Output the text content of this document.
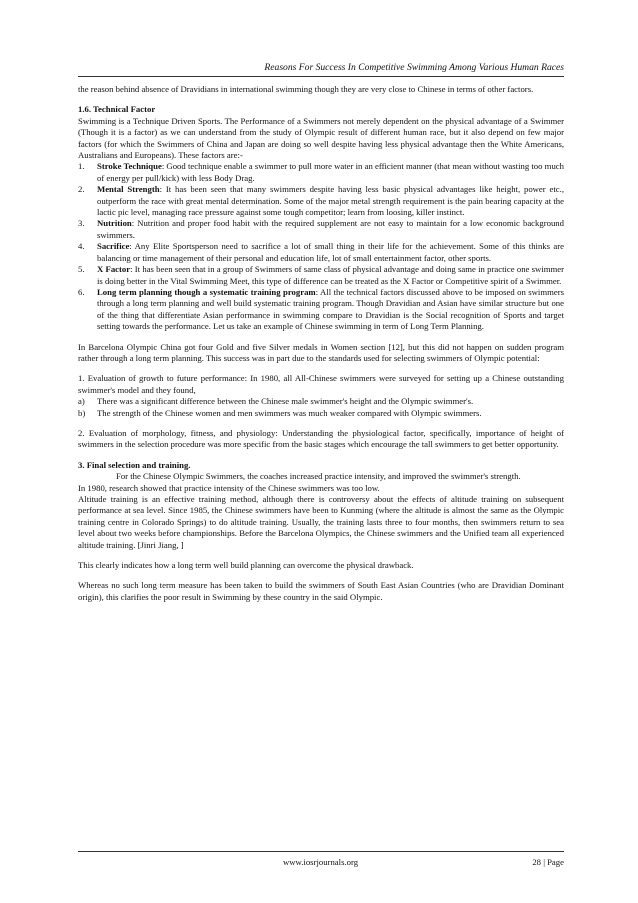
Reasons For Success In Competitive Swimming Among Various Human Races

the reason behind absence of Dravidians in international swimming though they are very close to Chinese in terms of other factors.

1.6. Technical Factor

Swimming is a Technique Driven Sports. The Performance of a Swimmers not merely dependent on the physical advantage of a Swimmer (Though it is a factor) as we can understand from the study of Olympic result of different human race, but it also depend on few major factors (for which the Swimmers of China and Japan are doing so well despite having less physical advantage then the White Americans, Australians and Europeans). These factors are:-

1.	Stroke Technique: Good technique enable a swimmer to pull more water in an efficient manner (that mean without wasting too much of energy per pull/kick) with less Body Drag.
2.	Mental Strength: It has been seen that many swimmers despite having less basic physical advantages like height, power etc., outperform the race with great mental determination. Some of the major metal strength requirement is the pain bearing capacity at the lactic pic level, managing race pressure against some tough competitor; learn from loosing, killer instinct.
3.	Nutrition: Nutrition and proper food habit with the required supplement are not easy to maintain for a low economic background swimmers.
4.	Sacrifice: Any Elite Sportsperson need to sacrifice a lot of small thing in their life for the achievement. Some of this thinks are balancing or time management of their personal and education life, lot of small entertainment factor, other sports.
5.	X Factor: It has been seen that in a group of Swimmers of same class of physical advantage and doing same in practice one swimmer is doing better in the Vital Swimming Meet, this type of difference can be treated as the X Factor or Competitive spirit of a Swimmer.
6.	Long term planning though a systematic training program: All the technical factors discussed above to be imposed on swimmers through a long term planning and well build systematic training program. Though Dravidian and Asian have similar structure but one of the thing that differentiate Asian performance in swimming compare to Dravidian is the Social recognition of Sports and target setting towards the performance. Let us take an example of Chinese swimming in term of Long Term Planning.

In Barcelona Olympic China got four Gold and five Silver medals in Women section [12], but this did not happen on sudden program rather through a long term planning. This success was in part due to the standards used for selecting swimmers of Olympic potential:

1. Evaluation of growth to future performance: In 1980, all All-Chinese swimmers were surveyed for setting up a Chinese outstanding swimmer's model and they found,

a)	There was a significant difference between the Chinese male swimmer's height and the Olympic swimmer's.
b)	The strength of the Chinese women and men swimmers was much weaker compared with Olympic swimmers.

2. Evaluation of morphology, fitness, and physiology: Understanding the physiological factor, specifically, importance of height of swimmers in the selection procedure was more specific from the basic stages which encourage the tall swimmers to get better opportunity.

3. Final selection and training.

For the Chinese Olympic Swimmers, the coaches increased practice intensity, and improved the swimmer's strength.

In 1980, research showed that practice intensity of the Chinese swimmers was too low.

Altitude training is an effective training method, although there is controversy about the effects of altitude training on subsequent performance at sea level. Since 1985, the Chinese swimmers have been to Kunming (where the altitude is almost the same as the Olympic training centre in Colorado Springs) to do altitude training. Usually, the training lasts three to four months, then swimmers return to sea level about two weeks before championships. Before the Barcelona Olympics, the Chinese swimmers and the Unified team all experienced altitude training. [Jinri Jiang, ]

This clearly indicates how a long term well build planning can overcome the physical drawback.

Whereas no such long term measure has been taken to build the swimmers of South East Asian Countries (who are Dravidian Dominant origin), this clarifies the poor result in Swimming by these country in the said Olympic.

www.iosrjournals.org	28 | Page
